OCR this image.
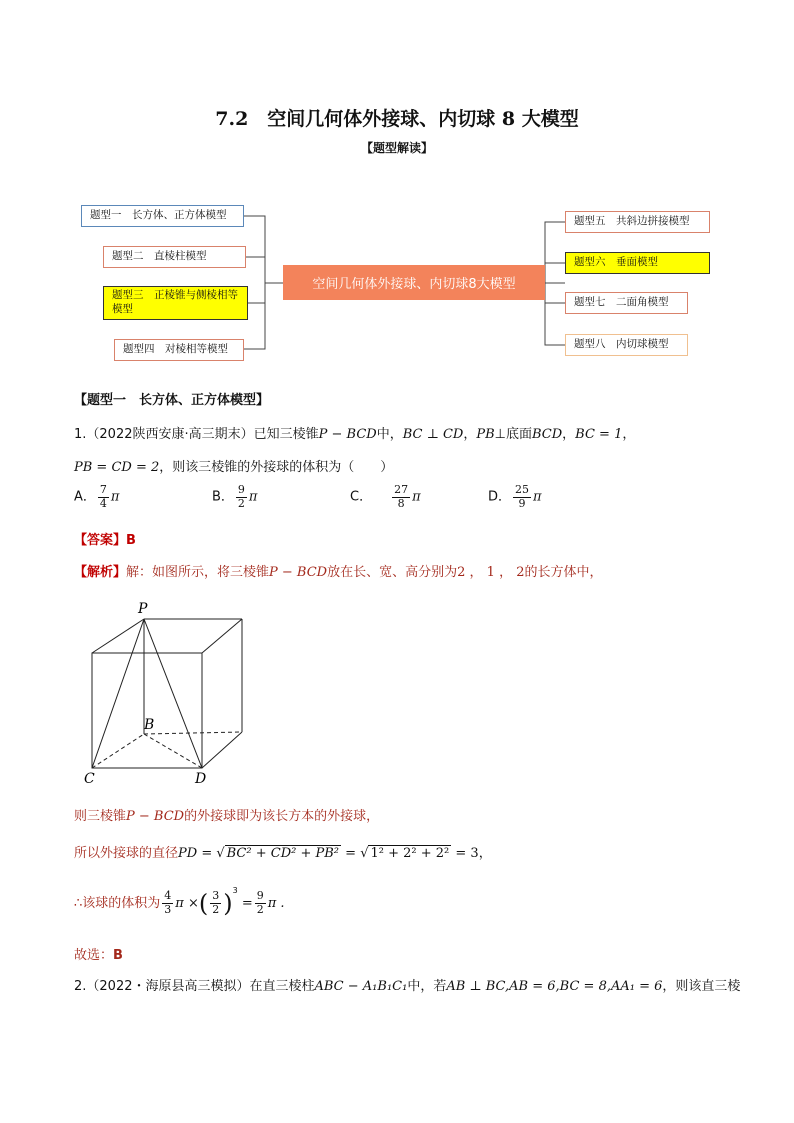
7.2　空间几何体外接球、内切球 8 大模型
【题型解读】
题型一　长方体、正方体模型
题型二　直棱柱模型
题型三　正棱锥与侧棱相等模型
题型四　对棱相等模型
空间几何体外接球、内切球8大模型
题型五　共斜边拼接模型
题型六　垂面模型
题型七　二面角模型
题型八　内切球模型
【题型一　长方体、正方体模型】
1.（2022陕西安康·高三期末）已知三棱锥P − BCD中，BC ⊥ CD，PB⊥底面BCD，BC = 1，
PB = CD = 2，则该三棱锥的外接球的体积为（　　）
A． $\frac{7}{4}$ π	B． $\frac{9}{2}$ π	C． $\frac{27}{8}$ π	D． $\frac{25}{9}$ π
【答案】B
【解析】解：如图所示，将三棱锥P − BCD放在长、宽、高分别为2 ， 1 ， 2的长方体中，
P
B
C	D
则三棱锥P − BCD的外接球即为该长方本的外接球，
所以外接球的直径PD = √ BC² + CD² + PB² = √ 1² + 2² + 2² = 3，
∴该球的体积为 $\frac{4}{3}$ π ×( $\frac{3}{2} )^3 = \frac{9}{2}$ π .
故选：B
2.（2022・海原县高三模拟）在直三棱柱ABC − A₁B₁C₁中，若AB ⊥ BC,AB = 6,BC = 8,AA₁ = 6，则该直三棱
